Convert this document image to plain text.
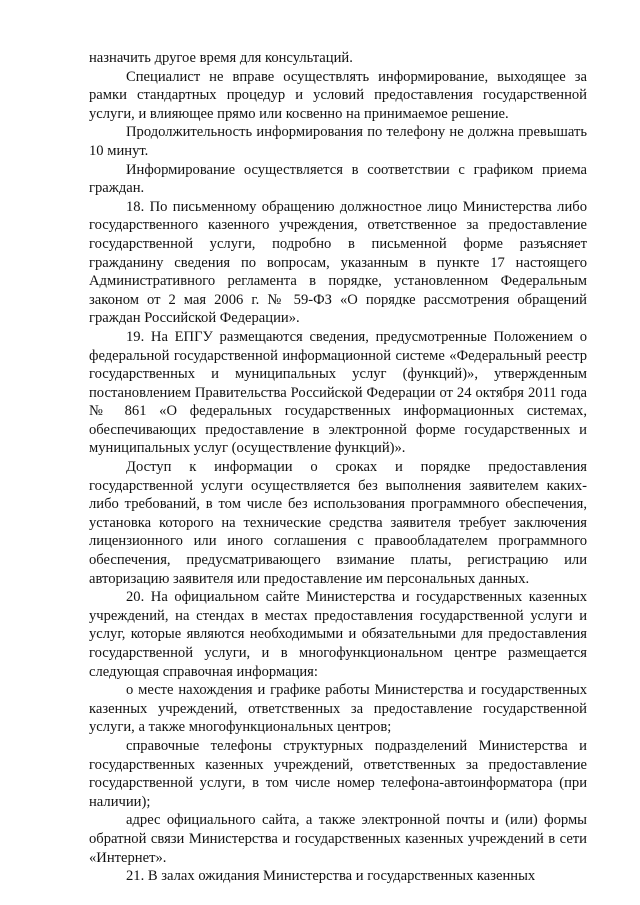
назначить другое время для консультаций.

Специалист не вправе осуществлять информирование, выходящее за рамки стандартных процедур и условий предоставления государственной услуги, и влияющее прямо или косвенно на принимаемое решение.

Продолжительность информирования по телефону не должна превышать 10 минут.

Информирование осуществляется в соответствии с графиком приема граждан.

18. По письменному обращению должностное лицо Министерства либо государственного казенного учреждения, ответственное за предоставление государственной услуги, подробно в письменной форме разъясняет гражданину сведения по вопросам, указанным в пункте 17 настоящего Административного регламента в порядке, установленном Федеральным законом от 2 мая 2006 г. № 59-ФЗ «О порядке рассмотрения обращений граждан Российской Федерации».

19. На ЕПГУ размещаются сведения, предусмотренные Положением о федеральной государственной информационной системе «Федеральный реестр государственных и муниципальных услуг (функций)», утвержденным постановлением Правительства Российской Федерации от 24 октября 2011 года № 861 «О федеральных государственных информационных системах, обеспечивающих предоставление в электронной форме государственных и муниципальных услуг (осуществление функций)».

Доступ к информации о сроках и порядке предоставления государственной услуги осуществляется без выполнения заявителем каких-либо требований, в том числе без использования программного обеспечения, установка которого на технические средства заявителя требует заключения лицензионного или иного соглашения с правообладателем программного обеспечения, предусматривающего взимание платы, регистрацию или авторизацию заявителя или предоставление им персональных данных.

20. На официальном сайте Министерства и государственных казенных учреждений, на стендах в местах предоставления государственной услуги и услуг, которые являются необходимыми и обязательными для предоставления государственной услуги, и в многофункциональном центре размещается следующая справочная информация:

о месте нахождения и графике работы Министерства и государственных казенных учреждений, ответственных за предоставление государственной услуги, а также многофункциональных центров;

справочные телефоны структурных подразделений Министерства и государственных казенных учреждений, ответственных за предоставление государственной услуги, в том числе номер телефона-автоинформатора (при наличии);

адрес официального сайта, а также электронной почты и (или) формы обратной связи Министерства и государственных казенных учреждений в сети «Интернет».

21. В залах ожидания Министерства и государственных казенных
